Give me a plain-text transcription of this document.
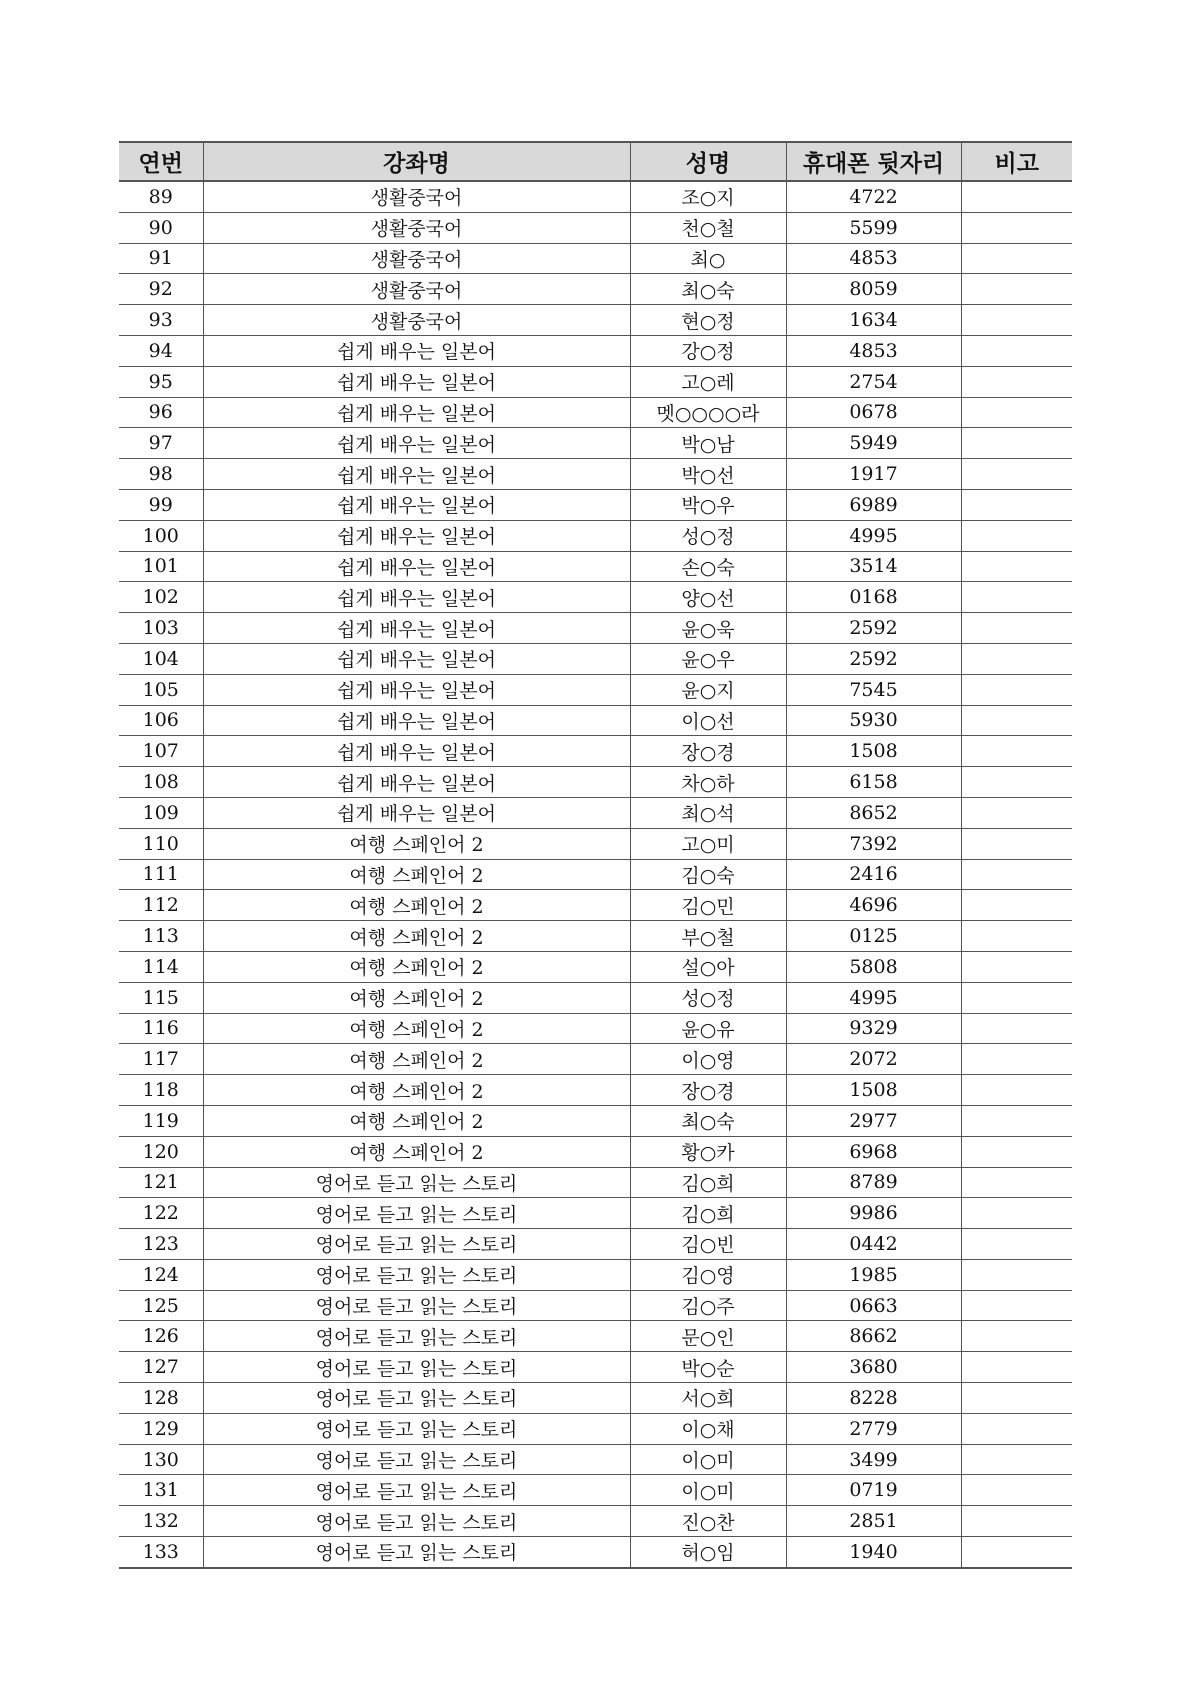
연번	강좌명	성명	휴대폰 뒷자리	비고
89	생활중국어	조○지	4722	
90	생활중국어	천○철	5599	
91	생활중국어	최○	4853	
92	생활중국어	최○숙	8059	
93	생활중국어	현○정	1634	
94	쉽게 배우는 일본어	강○정	4853	
95	쉽게 배우는 일본어	고○레	2754	
96	쉽게 배우는 일본어	멧○○○○라	0678	
97	쉽게 배우는 일본어	박○남	5949	
98	쉽게 배우는 일본어	박○선	1917	
99	쉽게 배우는 일본어	박○우	6989	
100	쉽게 배우는 일본어	성○정	4995	
101	쉽게 배우는 일본어	손○숙	3514	
102	쉽게 배우는 일본어	양○선	0168	
103	쉽게 배우는 일본어	윤○욱	2592	
104	쉽게 배우는 일본어	윤○우	2592	
105	쉽게 배우는 일본어	윤○지	7545	
106	쉽게 배우는 일본어	이○선	5930	
107	쉽게 배우는 일본어	장○경	1508	
108	쉽게 배우는 일본어	차○하	6158	
109	쉽게 배우는 일본어	최○석	8652	
110	여행 스페인어 2	고○미	7392	
111	여행 스페인어 2	김○숙	2416	
112	여행 스페인어 2	김○민	4696	
113	여행 스페인어 2	부○철	0125	
114	여행 스페인어 2	설○아	5808	
115	여행 스페인어 2	성○정	4995	
116	여행 스페인어 2	윤○유	9329	
117	여행 스페인어 2	이○영	2072	
118	여행 스페인어 2	장○경	1508	
119	여행 스페인어 2	최○숙	2977	
120	여행 스페인어 2	황○카	6968	
121	영어로 듣고 읽는 스토리	김○희	8789	
122	영어로 듣고 읽는 스토리	김○희	9986	
123	영어로 듣고 읽는 스토리	김○빈	0442	
124	영어로 듣고 읽는 스토리	김○영	1985	
125	영어로 듣고 읽는 스토리	김○주	0663	
126	영어로 듣고 읽는 스토리	문○인	8662	
127	영어로 듣고 읽는 스토리	박○순	3680	
128	영어로 듣고 읽는 스토리	서○희	8228	
129	영어로 듣고 읽는 스토리	이○채	2779	
130	영어로 듣고 읽는 스토리	이○미	3499	
131	영어로 듣고 읽는 스토리	이○미	0719	
132	영어로 듣고 읽는 스토리	진○찬	2851	
133	영어로 듣고 읽는 스토리	허○임	1940	
